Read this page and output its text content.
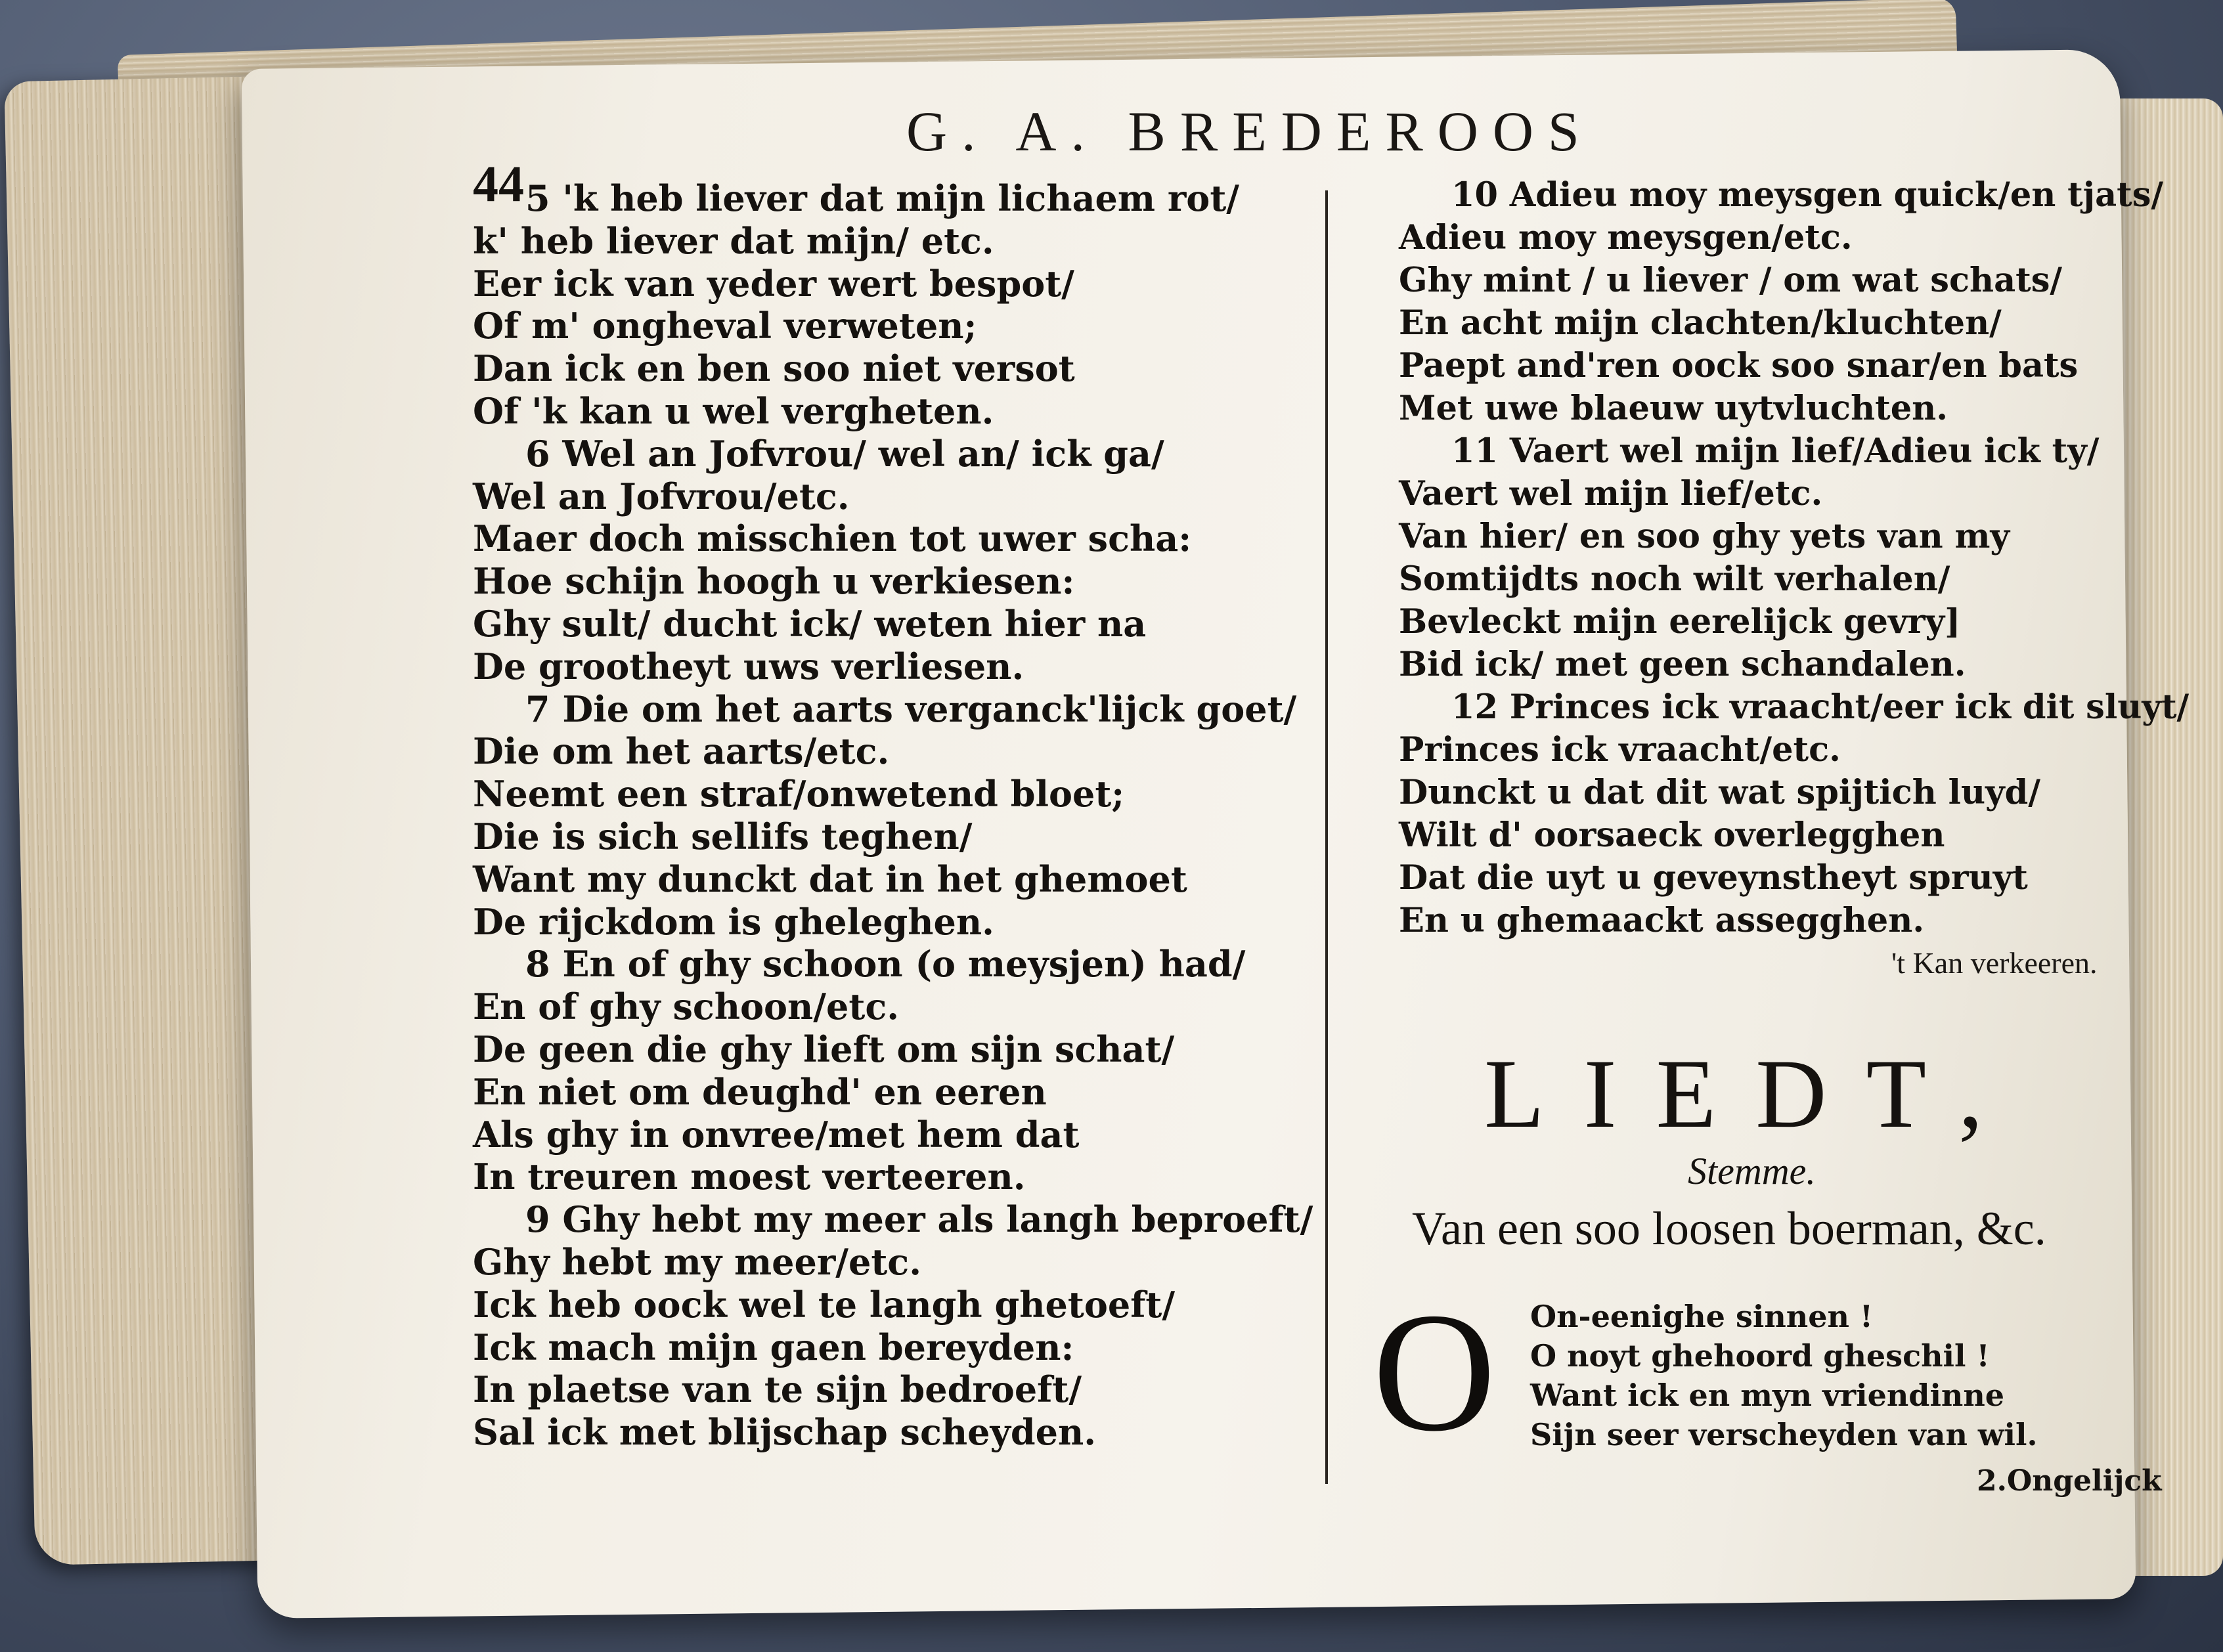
G. A. BREDEROOS
44 5 'k heb liever dat mijn lichaem rot/
k' heb liever dat mijn/ etc.
Eer ick van yeder wert bespot/
Of m' ongheval verweten;
Dan ick en ben soo niet versot
Of 'k kan u wel vergheten.
6 Wel an Jofvrou/ wel an/ ick ga/
Wel an Jofvrou/etc.
Maer doch misschien tot uwer scha:
Hoe schijn hoogh u verkiesen:
Ghy sult/ ducht ick/ weten hier na
De grootheyt uws verliesen.
7 Die om het aarts verganck'lijck goet/
Die om het aarts/etc.
Neemt een straf/onwetend bloet;
Die is sich sellifs teghen/
Want my dunckt dat in het ghemoet
De rijckdom is gheleghen.
8 En of ghy schoon (o meysjen) had/
En of ghy schoon/etc.
De geen die ghy lieft om sijn schat/
En niet om deughd' en eeren
Als ghy in onvree/met hem dat
In treuren moest verteeren.
9 Ghy hebt my meer als langh beproeft/
Ghy hebt my meer/etc.
Ick heb oock wel te langh ghetoeft/
Ick mach mijn gaen bereyden:
In plaetse van te sijn bedroeft/
Sal ick met blijschap scheyden.
10 Adieu moy meysgen quick/en tjats/
Adieu moy meysgen/etc.
Ghy mint / u liever / om wat schats/
En acht mijn clachten/kluchten/
Paept and'ren oock soo snar/en bats
Met uwe blaeuw uytvluchten.
11 Vaert wel mijn lief/Adieu ick ty/
Vaert wel mijn lief/etc.
Van hier/ en soo ghy yets van my
Somtijdts noch wilt verhalen/
Bevleckt mijn eerelijck gevry]
Bid ick/ met geen schandalen.
12 Princes ick vraacht/eer ick dit sluyt/
Princes ick vraacht/etc.
Dunckt u dat dit wat spijtich luyd/
Wilt d' oorsaeck overlegghen
Dat die uyt u geveynstheyt spruyt
En u ghemaackt assegghen.
't Kan verkeeren.
LIEDT,
Stemme.
Van een soo loosen boerman, &c.
O On-eenighe sinnen !
O noyt ghehoord gheschil !
Want ick en myn vriendinne
Sijn seer verscheyden van wil.
2.Ongelijck
